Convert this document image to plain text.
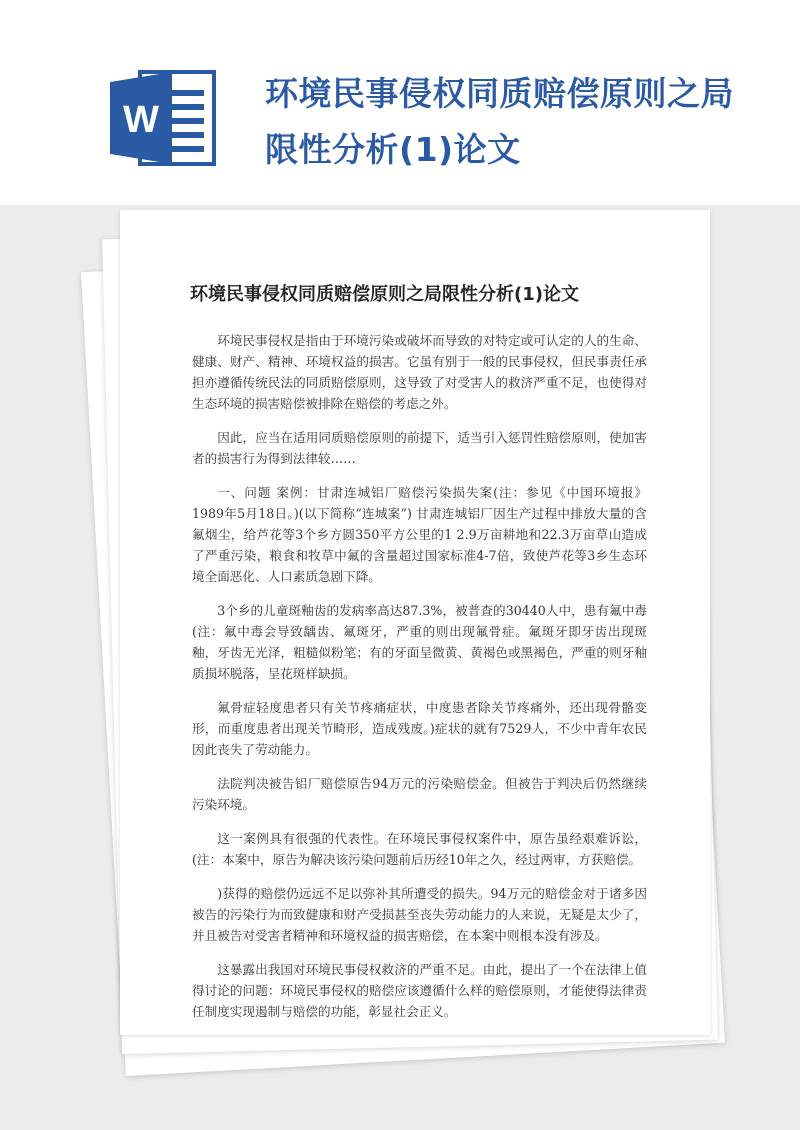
W
环境民事侵权同质赔偿原则之局限性分析(1)论文
环境民事侵权同质赔偿原则之局限性分析(1)论文

环境民事侵权是指由于环境污染或破坏而导致的对特定或可认定的人的生命、健康、财产、精神、环境权益的损害。它虽有别于一般的民事侵权，但民事责任承担亦遵循传统民法的同质赔偿原则，这导致了对受害人的救济严重不足，也使得对生态环境的损害赔偿被排除在赔偿的考虑之外。

因此，应当在适用同质赔偿原则的前提下，适当引入惩罚性赔偿原则，使加害者的损害行为得到法律较……

一、问题 案例：甘肃连城铝厂赔偿污染损失案(注：参见《中国环境报》1989年5月18日。)(以下简称“连城案”) 甘肃连城铝厂因生产过程中排放大量的含氟烟尘，给芦花等3个乡方圆350平方公里的1 2.9万亩耕地和22.3万亩草山造成了严重污染，粮食和牧草中氟的含量超过国家标准4-7倍，致使芦花等3乡生态环境全面恶化、人口素质急剧下降。

3个乡的儿童斑釉齿的发病率高达87.3%，被普查的30440人中，患有氟中毒(注：氟中毒会导致龋齿、氟斑牙，严重的则出现氟骨症。氟斑牙即牙齿出现斑釉，牙齿无光泽，粗糙似粉笔；有的牙面呈微黄、黄褐色或黑褐色，严重的则牙釉质损坏脱落，呈花斑样缺损。

氟骨症轻度患者只有关节疼痛症状，中度患者除关节疼痛外，还出现骨骼变形，而重度患者出现关节畸形，造成残废。)症状的就有7529人，不少中青年农民因此丧失了劳动能力。

法院判决被告铝厂赔偿原告94万元的污染赔偿金。但被告于判决后仍然继续污染环境。

这一案例具有很强的代表性。在环境民事侵权案件中，原告虽经艰难诉讼，(注：本案中，原告为解决该污染问题前后历经10年之久，经过两审，方获赔偿。

)获得的赔偿仍远远不足以弥补其所遭受的损失。94万元的赔偿金对于诸多因被告的污染行为而致健康和财产受损甚至丧失劳动能力的人来说，无疑是太少了，并且被告对受害者精神和环境权益的损害赔偿，在本案中则根本没有涉及。

这暴露出我国对环境民事侵权救济的严重不足。由此，提出了一个在法律上值得讨论的问题：环境民事侵权的赔偿应该遵循什么样的赔偿原则，才能使得法律责任制度实现遏制与赔偿的功能，彰显社会正义。
